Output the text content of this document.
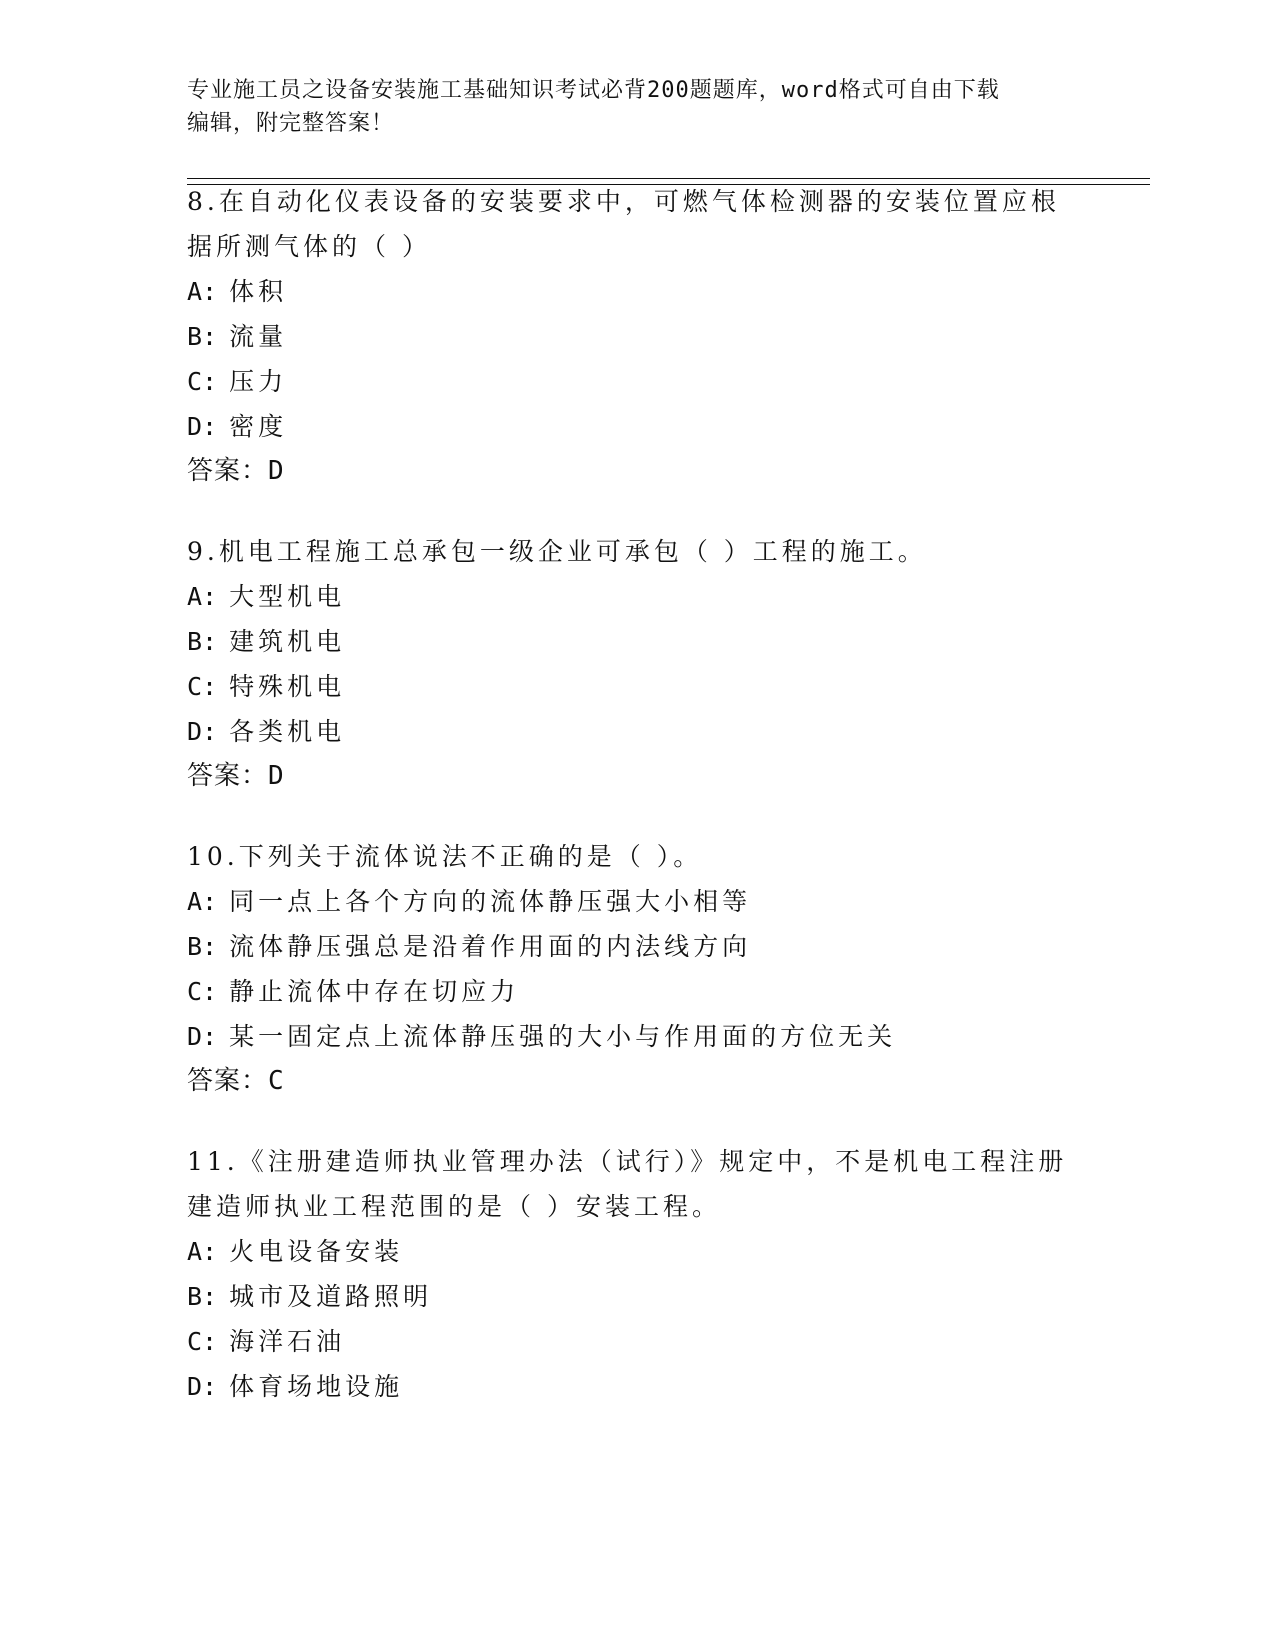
专业施工员之设备安装施工基础知识考试必背200题题库，word格式可自由下载
编辑，附完整答案！
8.在自动化仪表设备的安装要求中，可燃气体检测器的安装位置应根
据所测气体的（ ）
A: 体积
B: 流量
C: 压力
D: 密度
答案：D
9.机电工程施工总承包一级企业可承包（ ）工程的施工。
A: 大型机电
B: 建筑机电
C: 特殊机电
D: 各类机电
答案：D
10.下列关于流体说法不正确的是（ ）。
A: 同一点上各个方向的流体静压强大小相等
B: 流体静压强总是沿着作用面的内法线方向
C: 静止流体中存在切应力
D: 某一固定点上流体静压强的大小与作用面的方位无关
答案：C
11.《注册建造师执业管理办法（试行）》规定中，不是机电工程注册
建造师执业工程范围的是（ ）安装工程。
A: 火电设备安装
B: 城市及道路照明
C: 海洋石油
D: 体育场地设施
